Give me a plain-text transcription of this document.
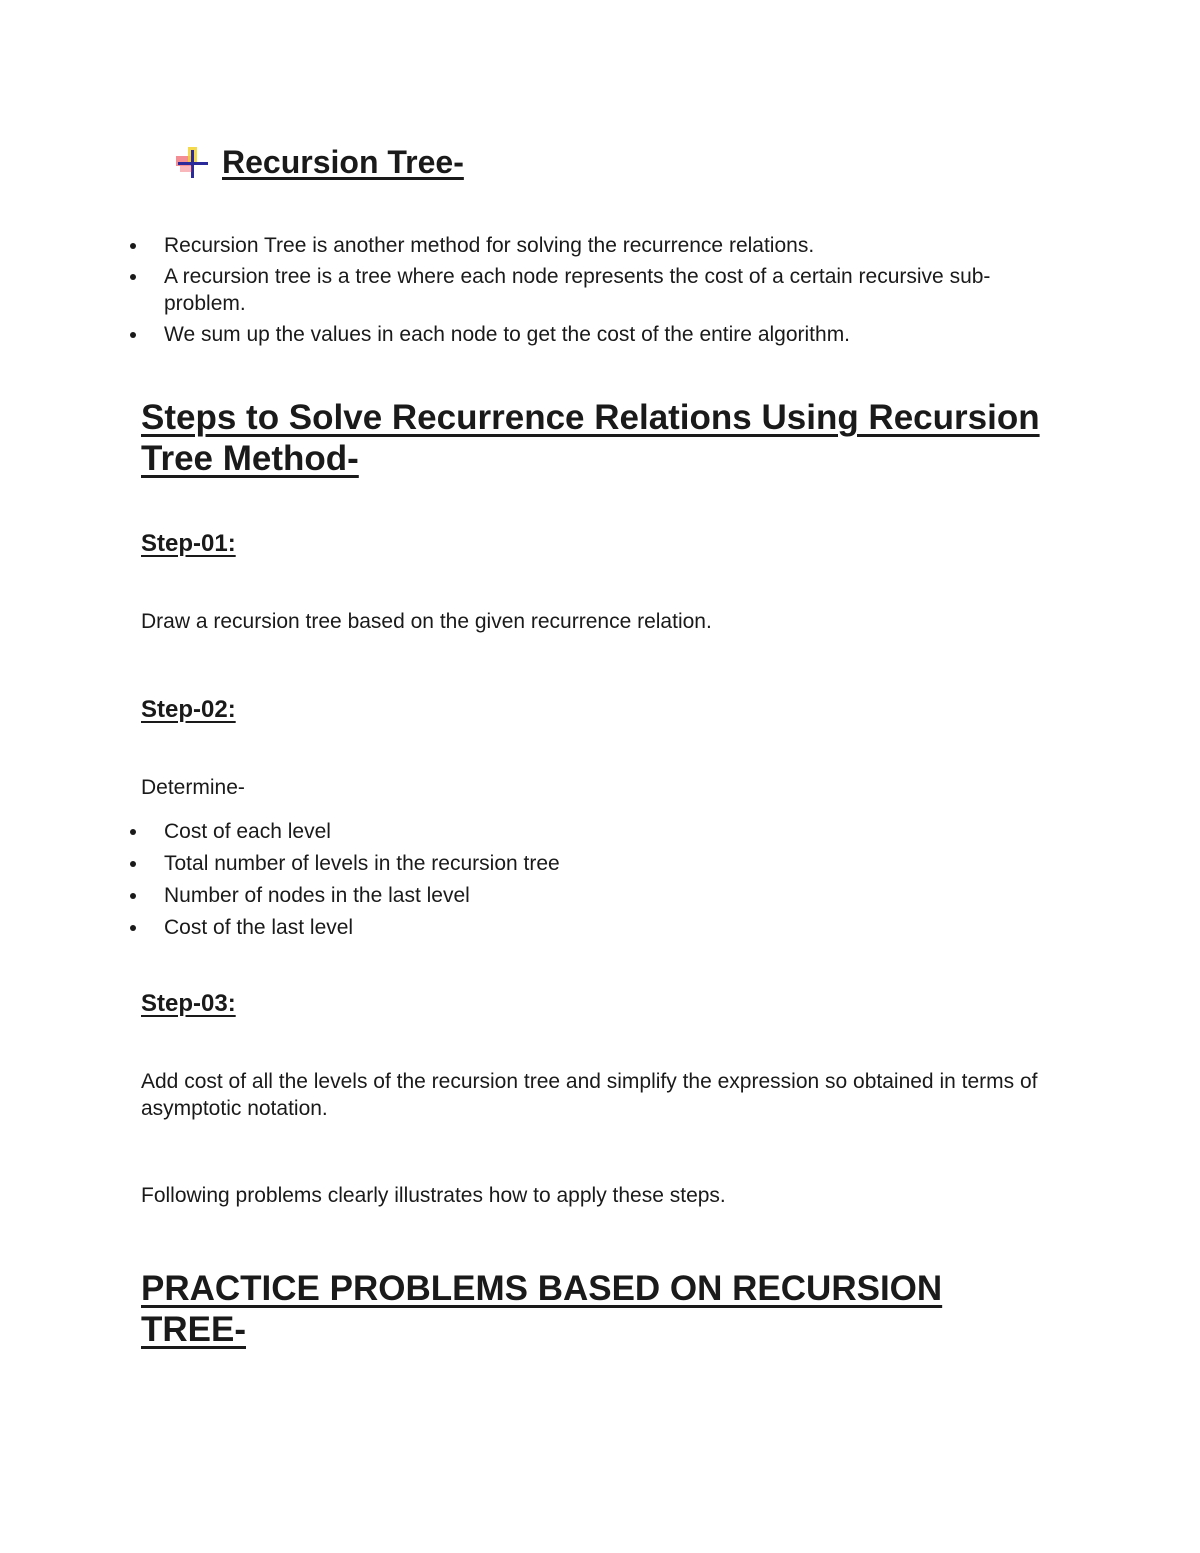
Recursion Tree-
Recursion Tree is another method for solving the recurrence relations.
A recursion tree is a tree where each node represents the cost of a certain recursive sub-problem.
We sum up the values in each node to get the cost of the entire algorithm.
Steps to Solve Recurrence Relations Using Recursion Tree Method-
Step-01:
Draw a recursion tree based on the given recurrence relation.
Step-02:
Determine-
Cost of each level
Total number of levels in the recursion tree
Number of nodes in the last level
Cost of the last level
Step-03:
Add cost of all the levels of the recursion tree and simplify the expression so obtained in terms of asymptotic notation.
Following problems clearly illustrates how to apply these steps.
PRACTICE PROBLEMS BASED ON RECURSION TREE-
